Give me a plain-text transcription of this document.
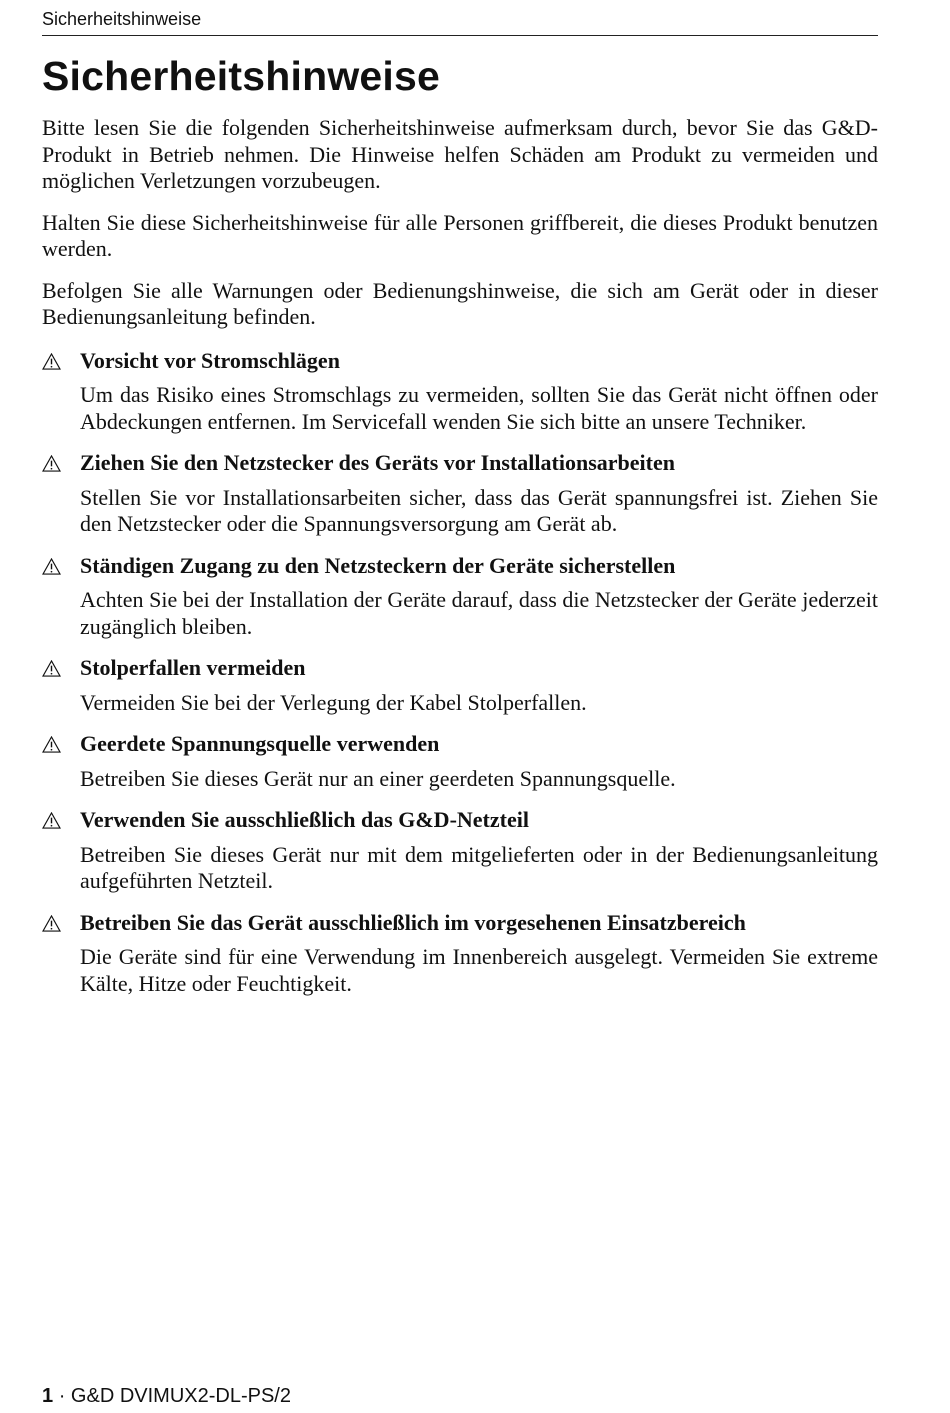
Sicherheitshinweise
Sicherheitshinweise

Bitte lesen Sie die folgenden Sicherheitshinweise aufmerksam durch, bevor Sie das G&D-Produkt in Betrieb nehmen. Die Hinweise helfen Schäden am Produkt zu vermeiden und möglichen Verletzungen vorzubeugen.

Halten Sie diese Sicherheitshinweise für alle Personen griffbereit, die dieses Produkt benutzen werden.

Befolgen Sie alle Warnungen oder Bedienungshinweise, die sich am Gerät oder in dieser Bedienungsanleitung befinden.

Vorsicht vor Stromschlägen

Um das Risiko eines Stromschlags zu vermeiden, sollten Sie das Gerät nicht öffnen oder Abdeckungen entfernen. Im Servicefall wenden Sie sich bitte an unsere Techniker.

Ziehen Sie den Netzstecker des Geräts vor Installationsarbeiten

Stellen Sie vor Installationsarbeiten sicher, dass das Gerät spannungsfrei ist. Ziehen Sie den Netzstecker oder die Spannungsversorgung am Gerät ab.

Ständigen Zugang zu den Netzsteckern der Geräte sicherstellen

Achten Sie bei der Installation der Geräte darauf, dass die Netzstecker der Geräte jederzeit zugänglich bleiben.

Stolperfallen vermeiden

Vermeiden Sie bei der Verlegung der Kabel Stolperfallen.

Geerdete Spannungsquelle verwenden

Betreiben Sie dieses Gerät nur an einer geerdeten Spannungsquelle.

Verwenden Sie ausschließlich das G&D-Netzteil

Betreiben Sie dieses Gerät nur mit dem mitgelieferten oder in der Bedienungsanleitung aufgeführten Netzteil.

Betreiben Sie das Gerät ausschließlich im vorgesehenen Einsatzbereich

Die Geräte sind für eine Verwendung im Innenbereich ausgelegt. Vermeiden Sie extreme Kälte, Hitze oder Feuchtigkeit.

1 · G&D DVIMUX2-DL-PS/2
